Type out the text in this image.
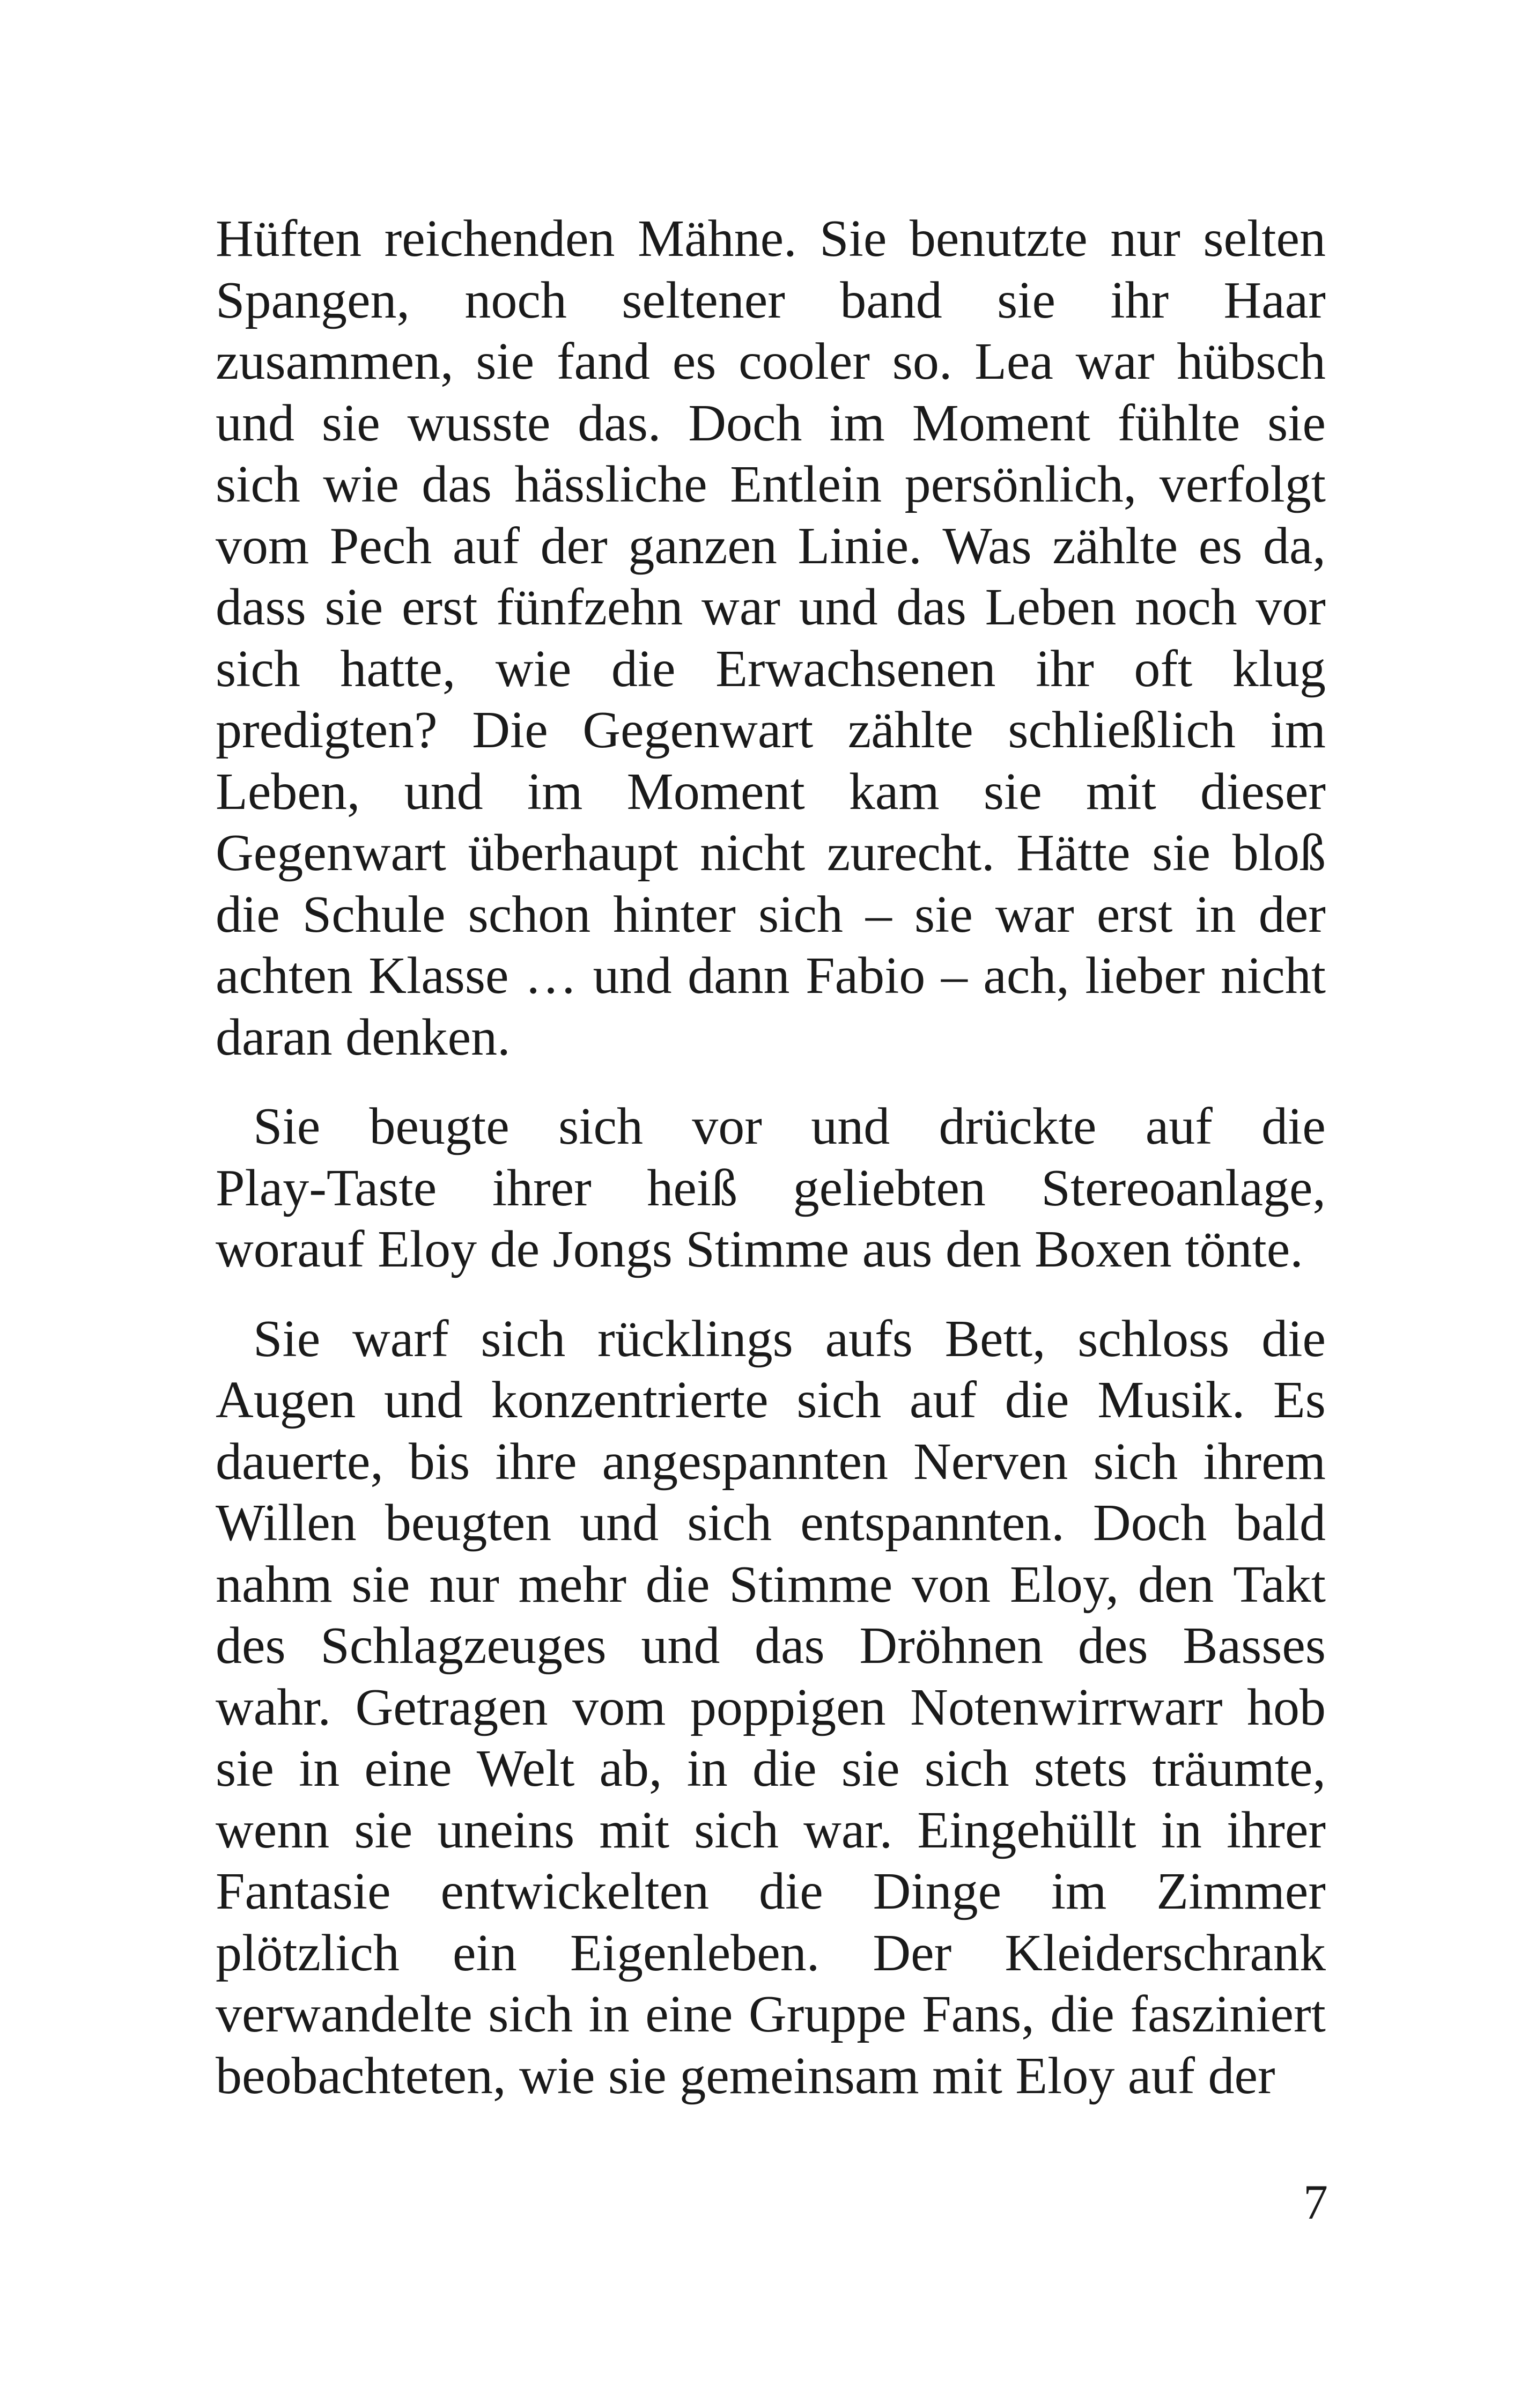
Hüften reichenden Mähne. Sie benutzte nur selten
Spangen, noch seltener band sie ihr Haar
zusammen, sie fand es cooler so. Lea war hübsch
und sie wusste das. Doch im Moment fühlte sie
sich wie das hässliche Entlein persönlich, verfolgt
vom Pech auf der ganzen Linie. Was zählte es da,
dass sie erst fünfzehn war und das Leben noch vor
sich hatte, wie die Erwachsenen ihr oft klug
predigten? Die Gegenwart zählte schließlich im
Leben, und im Moment kam sie mit dieser
Gegenwart überhaupt nicht zurecht. Hätte sie bloß
die Schule schon hinter sich – sie war erst in der
achten Klasse … und dann Fabio – ach, lieber nicht
daran denken.
Sie beugte sich vor und drückte auf die
Play-Taste ihrer heiß geliebten Stereoanlage,
worauf Eloy de Jongs Stimme aus den Boxen tönte.
Sie warf sich rücklings aufs Bett, schloss die
Augen und konzentrierte sich auf die Musik. Es
dauerte, bis ihre angespannten Nerven sich ihrem
Willen beugten und sich entspannten. Doch bald
nahm sie nur mehr die Stimme von Eloy, den Takt
des Schlagzeuges und das Dröhnen des Basses
wahr. Getragen vom poppigen Notenwirrwarr hob
sie in eine Welt ab, in die sie sich stets träumte,
wenn sie uneins mit sich war. Eingehüllt in ihrer
Fantasie entwickelten die Dinge im Zimmer
plötzlich ein Eigenleben. Der Kleiderschrank
verwandelte sich in eine Gruppe Fans, die fasziniert
beobachteten, wie sie gemeinsam mit Eloy auf der
7
